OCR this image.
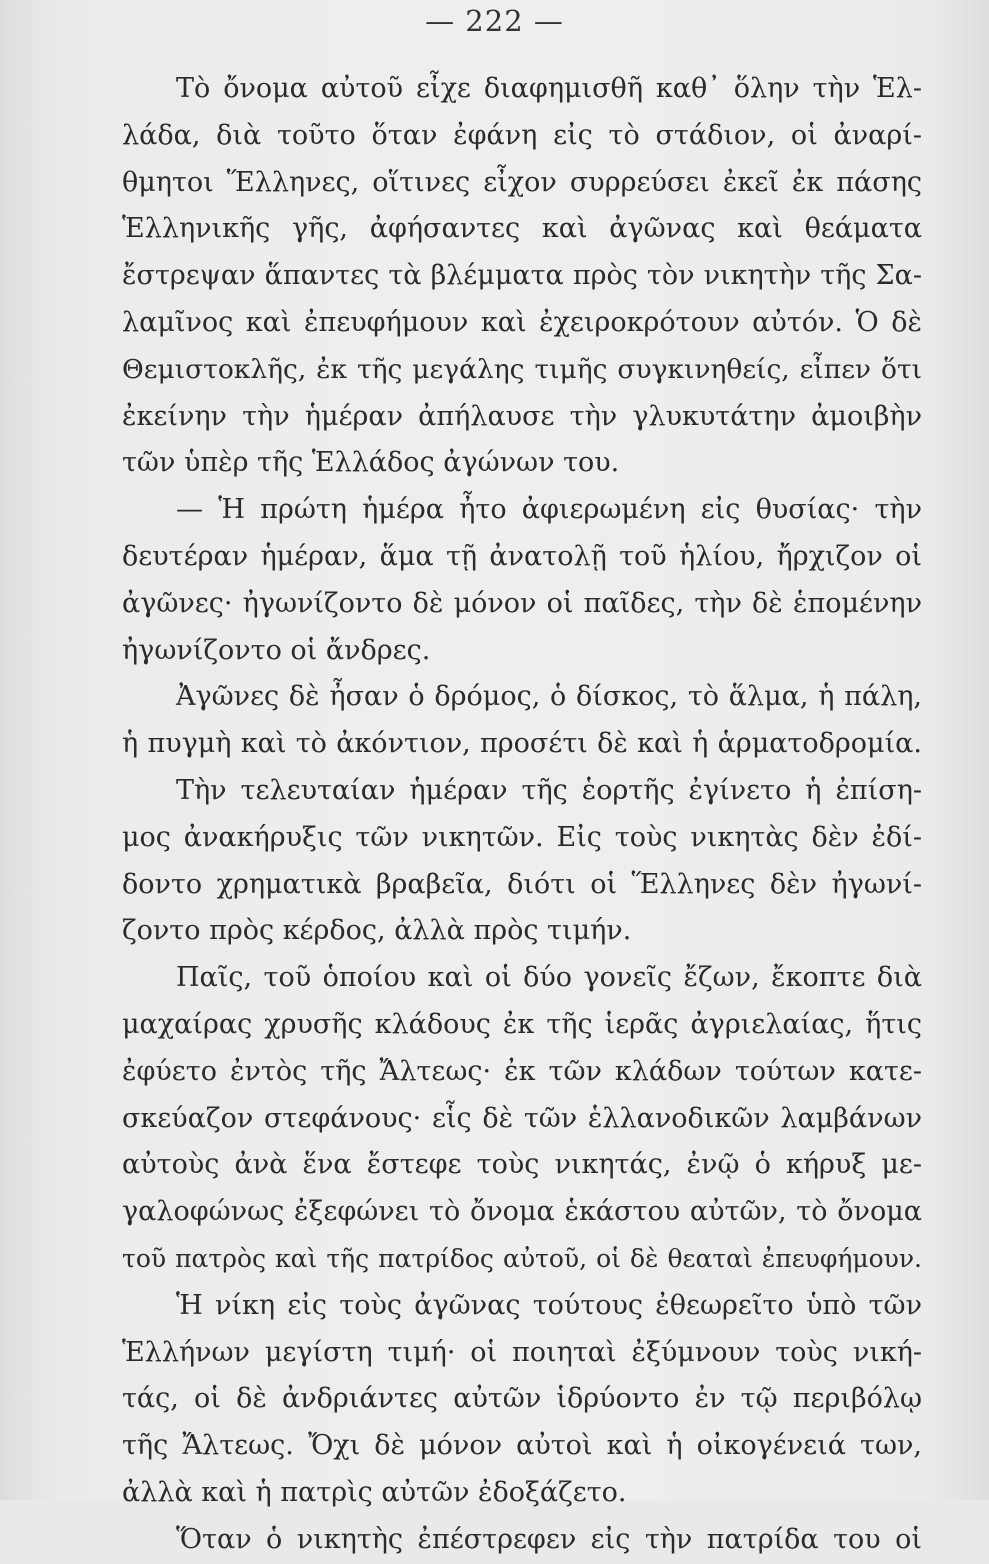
— 222 —
Τὸ ὄνομα αὐτοῦ εἶχε διαφημισθῆ καθ᾽ ὅλην τὴν Ἑλ-
λάδα, διὰ τοῦτο ὅταν ἐφάνη εἰς τὸ στάδιον, οἱ ἀναρί-
θμητοι Ἕλληνες, οἵτινες εἶχον συρρεύσει ἐκεῖ ἐκ πάσης
Ἑλληνικῆς γῆς, ἀφήσαντες καὶ ἀγῶνας καὶ θεάματα
ἔστρεψαν ἅπαντες τὰ βλέμματα πρὸς τὸν νικητὴν τῆς Σα-
λαμῖνος καὶ ἐπευφήμουν καὶ ἐχειροκρότουν αὐτόν. Ὁ δὲ
Θεμιστοκλῆς, ἐκ τῆς μεγάλης τιμῆς συγκινηθείς, εἶπεν ὅτι
ἐκείνην τὴν ἡμέραν ἀπήλαυσε τὴν γλυκυτάτην ἀμοιβὴν
τῶν ὑπὲρ τῆς Ἑλλάδος ἀγώνων του.
— Ἡ πρώτη ἡμέρα ἦτο ἀφιερωμένη εἰς θυσίας· τὴν
δευτέραν ἡμέραν, ἅμα τῇ ἀνατολῇ τοῦ ἡλίου, ἤρχιζον οἱ
ἀγῶνες· ἠγωνίζοντο δὲ μόνον οἱ παῖδες, τὴν δὲ ἑπομένην
ἠγωνίζοντο οἱ ἄνδρες.
Ἀγῶνες δὲ ἦσαν ὁ δρόμος, ὁ δίσκος, τὸ ἅλμα, ἡ πάλη,
ἡ πυγμὴ καὶ τὸ ἀκόντιον, προσέτι δὲ καὶ ἡ ἁρματοδρομία.
Τὴν τελευταίαν ἡμέραν τῆς ἑορτῆς ἐγίνετο ἡ ἐπίση-
μος ἀνακήρυξις τῶν νικητῶν. Εἰς τοὺς νικητὰς δὲν ἐδί-
δοντο χρηματικὰ βραβεῖα, διότι οἱ Ἕλληνες δὲν ἠγωνί-
ζοντο πρὸς κέρδος, ἀλλὰ πρὸς τιμήν.
Παῖς, τοῦ ὁποίου καὶ οἱ δύο γονεῖς ἔζων, ἔκοπτε διὰ
μαχαίρας χρυσῆς κλάδους ἐκ τῆς ἱερᾶς ἀγριελαίας, ἥτις
ἐφύετο ἐντὸς τῆς Ἄλτεως· ἐκ τῶν κλάδων τούτων κατε-
σκεύαζον στεφάνους· εἷς δὲ τῶν ἑλλανοδικῶν λαμβάνων
αὐτοὺς ἀνὰ ἕνα ἔστεφε τοὺς νικητάς, ἐνῷ ὁ κήρυξ με-
γαλοφώνως ἐξεφώνει τὸ ὄνομα ἑκάστου αὐτῶν, τὸ ὄνομα
τοῦ πατρὸς καὶ τῆς πατρίδος αὐτοῦ, οἱ δὲ θεαταὶ ἐπευφήμουν.
Ἡ νίκη εἰς τοὺς ἀγῶνας τούτους ἐθεωρεῖτο ὑπὸ τῶν
Ἑλλήνων μεγίστη τιμή· οἱ ποιηταὶ ἐξύμνουν τοὺς νική-
τάς, οἱ δὲ ἀνδριάντες αὐτῶν ἱδρύοντο ἐν τῷ περιβόλῳ
τῆς Ἄλτεως. Ὄχι δὲ μόνον αὐτοὶ καὶ ἡ οἰκογένειά των,
ἀλλὰ καὶ ἡ πατρὶς αὐτῶν ἐδοξάζετο.
Ὅταν ὁ νικητὴς ἐπέστρεφεν εἰς τὴν πατρίδα του οἱ
